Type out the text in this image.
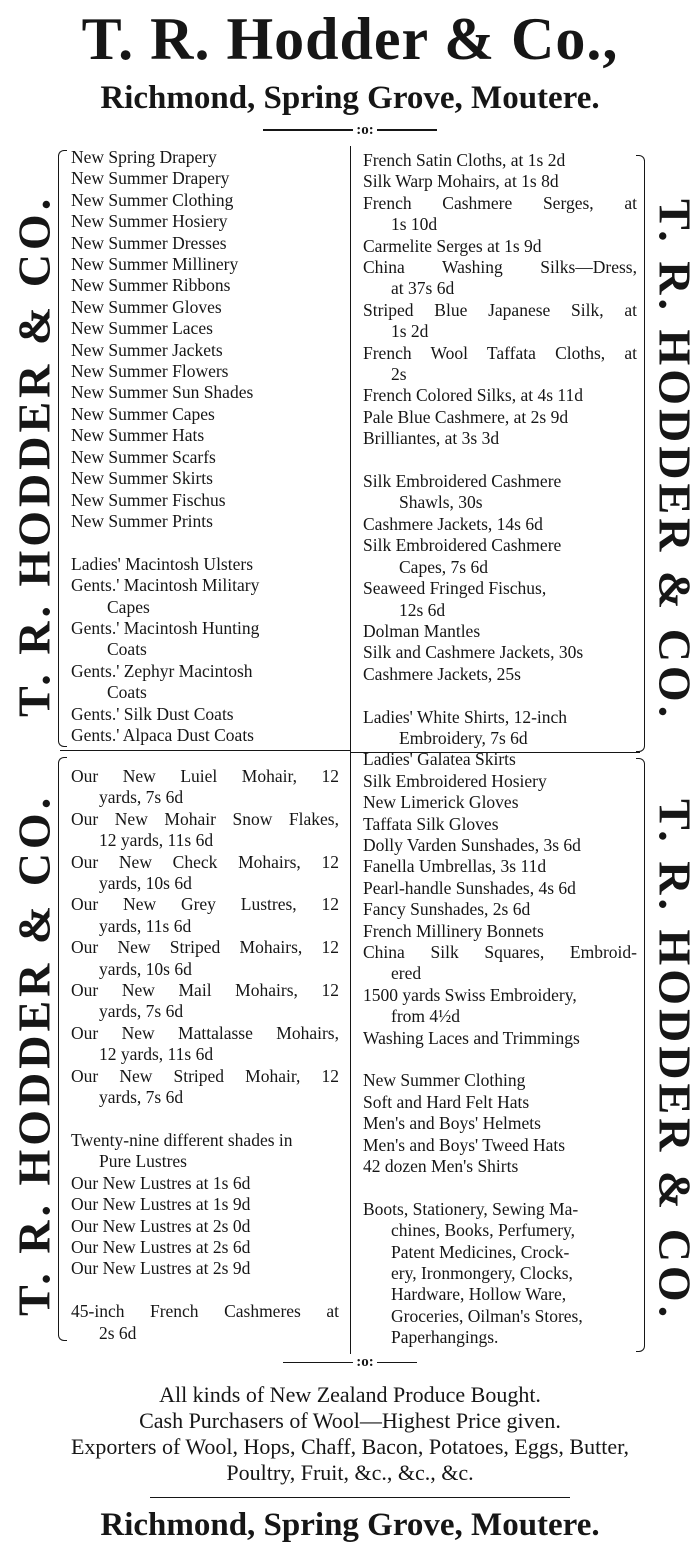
T. R. Hodder & Co.,
Richmond, Spring Grove, Moutere.
:o:
T. R. HODDER & CO.
T. R. HODDER & CO.
T. R. HODDER & CO.
T. R. HODDER & CO.
New Spring Drapery
New Summer Drapery
New Summer Clothing
New Summer Hosiery
New Summer Dresses
New Summer Millinery
New Summer Ribbons
New Summer Gloves
New Summer Laces
New Summer Jackets
New Summer Flowers
New Summer Sun Shades
New Summer Capes
New Summer Hats
New Summer Scarfs
New Summer Skirts
New Summer Fischus
New Summer Prints
Ladies' Macintosh Ulsters
Gents.' Macintosh Military
Capes
Gents.' Macintosh Hunting
Coats
Gents.' Zephyr Macintosh
Coats
Gents.' Silk Dust Coats
Gents.' Alpaca Dust Coats
Our New Luiel Mohair, 12
yards, 7s 6d
Our New Mohair Snow Flakes,
12 yards, 11s 6d
Our New Check Mohairs, 12
yards, 10s 6d
Our New Grey Lustres, 12
yards, 11s 6d
Our New Striped Mohairs, 12
yards, 10s 6d
Our New Mail Mohairs, 12
yards, 7s 6d
Our New Mattalasse Mohairs,
12 yards, 11s 6d
Our New Striped Mohair, 12
yards, 7s 6d
Twenty-nine different shades in
Pure Lustres
Our New Lustres at 1s 6d
Our New Lustres at 1s 9d
Our New Lustres at 2s 0d
Our New Lustres at 2s 6d
Our New Lustres at 2s 9d
45-inch French Cashmeres at
2s 6d
French Satin Cloths, at 1s 2d
Silk Warp Mohairs, at 1s 8d
French Cashmere Serges, at
1s 10d
Carmelite Serges at 1s 9d
China Washing Silks—Dress,
at 37s 6d
Striped Blue Japanese Silk, at
1s 2d
French Wool Taffata Cloths, at
2s
French Colored Silks, at 4s 11d
Pale Blue Cashmere, at 2s 9d
Brilliantes, at 3s 3d
Silk Embroidered Cashmere
Shawls, 30s
Cashmere Jackets, 14s 6d
Silk Embroidered Cashmere
Capes, 7s 6d
Seaweed Fringed Fischus,
12s 6d
Dolman Mantles
Silk and Cashmere Jackets, 30s
Cashmere Jackets, 25s
Ladies' White Shirts, 12-inch
Embroidery, 7s 6d
Ladies' Galatea Skirts
Silk Embroidered Hosiery
New Limerick Gloves
Taffata Silk Gloves
Dolly Varden Sunshades, 3s 6d
Fanella Umbrellas, 3s 11d
Pearl-handle Sunshades, 4s 6d
Fancy Sunshades, 2s 6d
French Millinery Bonnets
China Silk Squares, Embroid-
ered
1500 yards Swiss Embroidery,
from 4½d
Washing Laces and Trimmings
New Summer Clothing
Soft and Hard Felt Hats
Men's and Boys' Helmets
Men's and Boys' Tweed Hats
42 dozen Men's Shirts
Boots, Stationery, Sewing Ma-
chines, Books, Perfumery,
Patent Medicines, Crock-
ery, Ironmongery, Clocks,
Hardware, Hollow Ware,
Groceries, Oilman's Stores,
Paperhangings.
:o:
All kinds of New Zealand Produce Bought.
Cash Purchasers of Wool—Highest Price given.
Exporters of Wool, Hops, Chaff, Bacon, Potatoes, Eggs, Butter,
Poultry, Fruit, &c., &c., &c.
Richmond, Spring Grove, Moutere.
